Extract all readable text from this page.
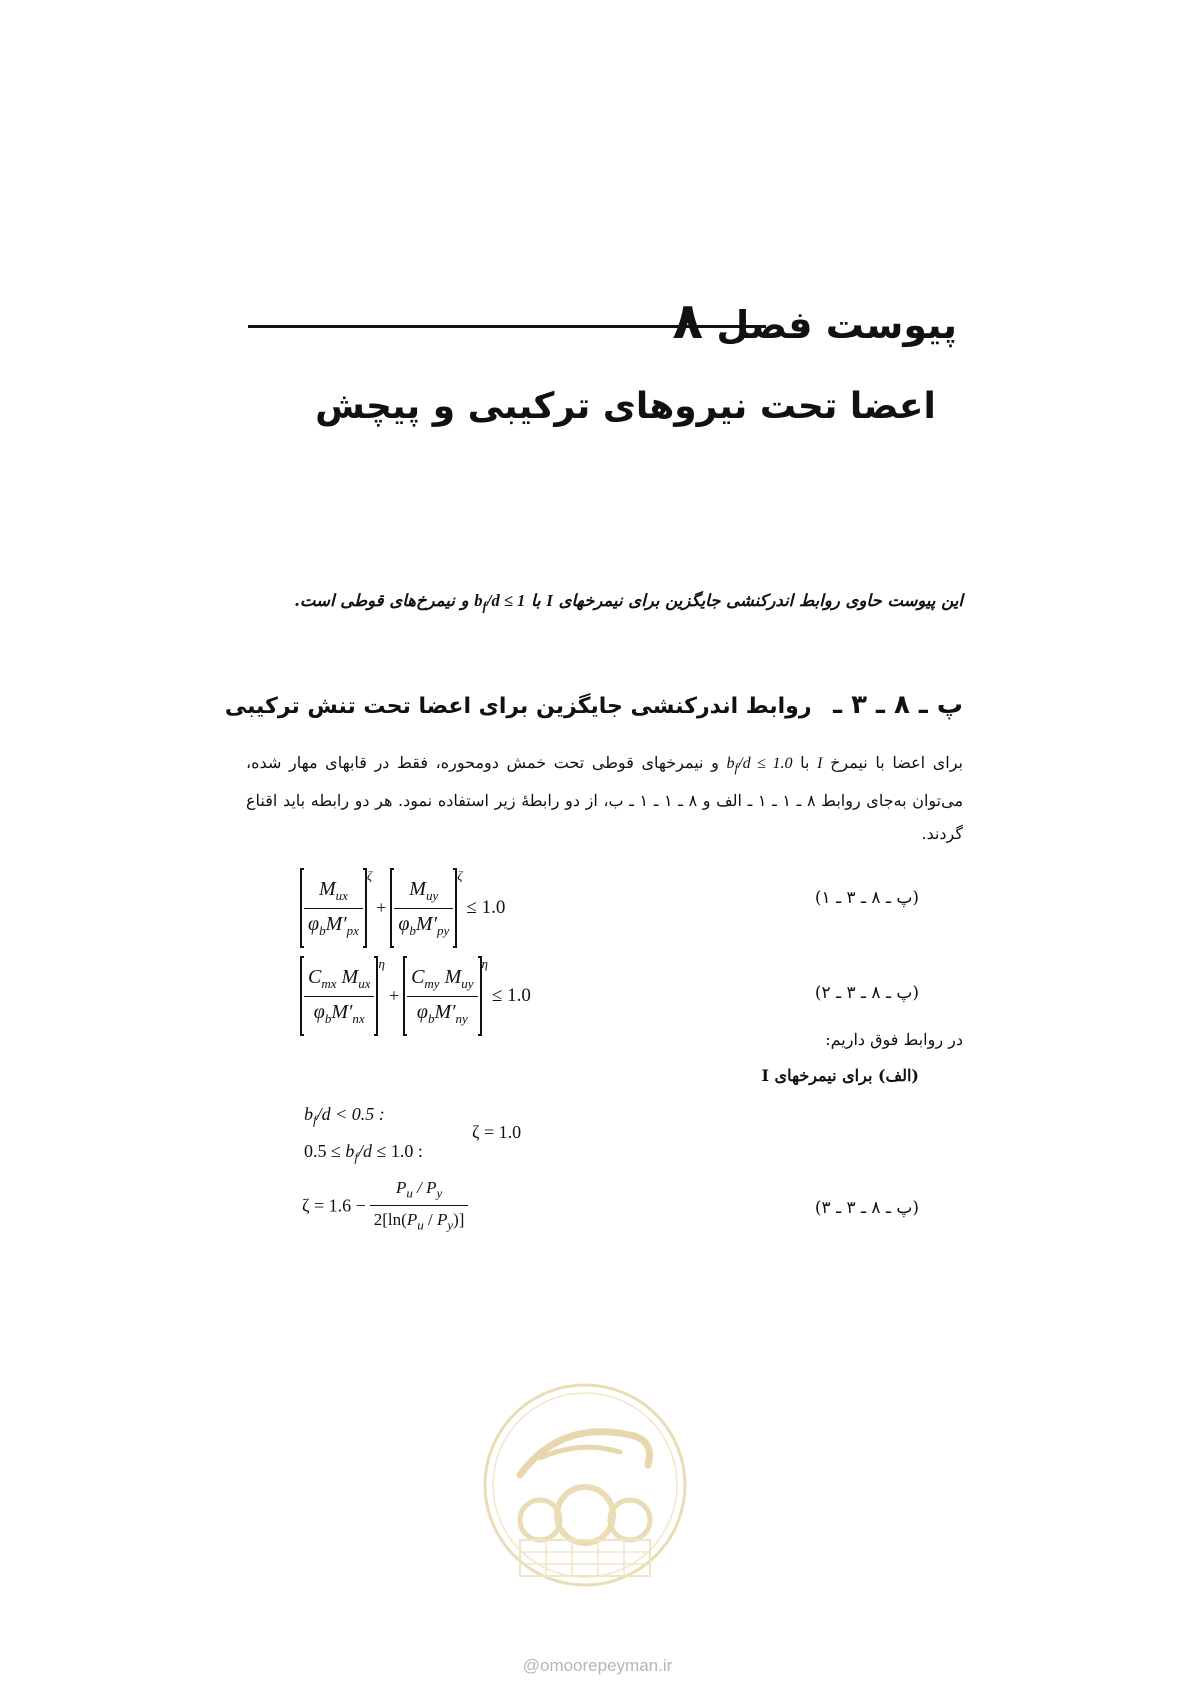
پیوست فصل ۸
اعضا تحت نیروهای ترکیبی و پیچش
این پیوست حاوی روابط اندرکنشی جایگزین برای نیمرخهای I با $b_f/d \le 1$ و نیمرخ‌های قوطی است.
پ ـ ۸ ـ ۳ ـ روابط اندرکنشی جایگزین برای اعضا تحت تنش ترکیبی
برای اعضا با نیمرخ I با $b_f/d \le 1.0$ و نیمرخهای قوطی تحت خمش دومحوره، فقط در قابهای مهار شده، می‌توان به‌جای روابط ۸ ـ ۱ ـ ۱ ـ الف و ۸ ـ ۱ ـ ۱ ـ ب، از دو رابطهٔ زیر استفاده نمود. هر دو رابطه باید اقناع گردند.
$\frac{M_{ux}}{\varphi_bM'_{px}}$
$^\zeta + \frac{M_{uy}}{\varphi_bM'_{py}}$
$^\zeta$ ≤ 1.0	(پ ـ ۸ ـ ۳ ـ ۱)
$\frac{C_{mx} M_{ux}}{\varphi_bM'_{nx}}$
$^\eta + \frac{C_{my} M_{uy}}{\varphi_bM'_{ny}}$
$^\eta$ ≤ 1.0	(پ ـ ۸ ـ ۳ ـ ۲)
در روابط فوق داریم:
(الف) برای نیمرخهای I
$b_f/d < 0.5$ :
$0.5 \le b_f/d \le 1.0$ :
ζ = 1.0
$\zeta = 1.6 - \frac{P_u / P_y}{2[\ln(P_u / P_y)]}$	(پ ـ ۸ ـ ۳ ـ ۳)
@omoorepeyman.ir
